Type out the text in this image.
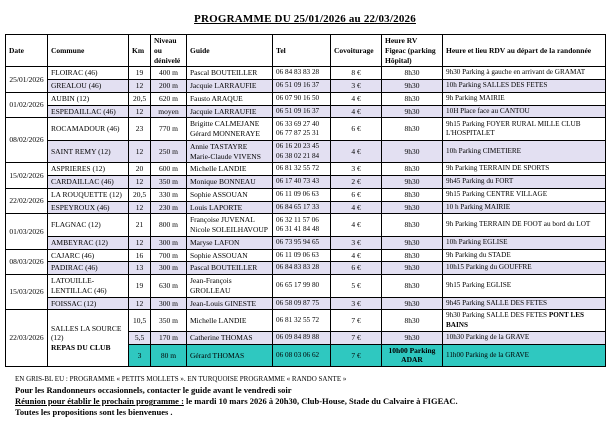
PROGRAMME DU 25/01/2026 au 22/03/2026
Date	Commune	Km	Niveau ou dénivelé	Guide	Tel	Covoiturage	Heure RV Figeac (parking Hôpital)	Heure et lieu RDV au départ de la randonnée
25/01/2026	FLOIRAC (46)	19	400 m	Pascal BOUTEILLER	06 84 83 83 28	8 €	8h30	9h30 Parking à gauche en arrivant de GRAMAT
	GREALOU (46)	12	200 m	Jacquie LARRAUFIE	06 51 09 16 37	3 €	9h30	10h Parking SALLES DES FETES
01/02/2026	AUBIN (12)	20,5	620 m	Fausto ARAQUE	06 07 90 16 50	4 €	8h30	9h Parking MAIRIE
	ESPEDAILLAC (46)	12	moyen	Jacquie LARRAUFIE	06 51 09 16 37	4 €	9h30	10H Place face au CANTOU
08/02/2026	ROCAMADOUR (46)	23	770 m	Brigitte CALMEJANE
Gérard MONNERAYE	06 33 69 27 40
06 77 87 25 31	6 €	8h30	9h15 Parking FOYER RURAL MILLE CLUB L'HOSPITALET
	SAINT REMY (12)	12	250 m	Annie TASTAYRE
Marie-Claude VIVENS	06 16 20 23 45
06 38 02 21 84	4 €	9h30	10h Parking CIMETIERE
15/02/2026	ASPRIERES (12)	20	600 m	Michelle LANDIE	06 81 32 55 72	3 €	8h30	9h Parking TERRAIN DE SPORTS
	CARDAILLAC (46)	12	350 m	Monique BONNEAU	06 17 40 73 43	2 €	9h30	9h45 Parking du FORT
22/02/2026	LA ROUQUETTE (12)	20,5	330 m	Sophie ASSOUAN	06 11 09 06 63	6 €	8h30	9h15 Parking CENTRE VILLAGE
	ESPEYROUX (46)	12	230 m	Louis LAPORTE	06 84 65 17 33	4 €	9h30	10 h Parking MAIRIE
01/03/2026	FLAGNAC (12)	21	800 m	Françoise JUVENAL
Nicole SOLEILHAVOUP	06 32 11 57 06
06 31 41 84 48	4 €	8h30	9h Parking TERRAIN DE FOOT au bord du LOT
	AMBEYRAC (12)	12	300 m	Maryse LAFON	06 73 95 94 65	3 €	9h30	10h Parking EGLISE
08/03/2026	CAJARC (46)	16	700 m	Sophie ASSOUAN	06 11 09 06 63	4 €	8h30	9h Parking du STADE
	PADIRAC (46)	13	300 m	Pascal BOUTEILLER	06 84 83 83 28	6 €	9h30	10h15 Parking du GOUFFRE
15/03/2026	LATOUILLE-LENTILLAC (46)	19	630 m	Jean-François GROLLEAU	06 65 17 99 80	5 €	8h30	9h15 Parking EGLISE
	FOISSAC (12)	12	300 m	Jean-Louis GINESTE	06 58 09 87 75	3 €	9h30	9h45 Parking SALLE DES FETES
22/03/2026	SALLES LA SOURCE (12)
REPAS DU CLUB	10,5	350 m	Michelle LANDIE	06 81 32 55 72	7 €	8h30	9h30 Parking SALLE DES FETES PONT LES BAINS
		5,5	170 m	Catherine THOMAS	06 09 84 89 88	7 €	9h30	10h30 Parking de la GRAVE
		3	80 m	Gérard THOMAS	06 08 03 06 62	7 €	10h00 Parking ADAR	11h00 Parking de la GRAVE
EN GRIS-BL EU : PROGRAMME « PETITS MOLLETS ». EN TURQUOISE PROGRAMME « RANDO SANTE »
Pour les Randonneurs occasionnels, contacter le guide avant le vendredi soir
Réunion pour établir le prochain programme : le mardi 10 mars 2026 à 20h30, Club-House, Stade du Calvaire à FIGEAC.
Toutes les propositions sont les bienvenues .
